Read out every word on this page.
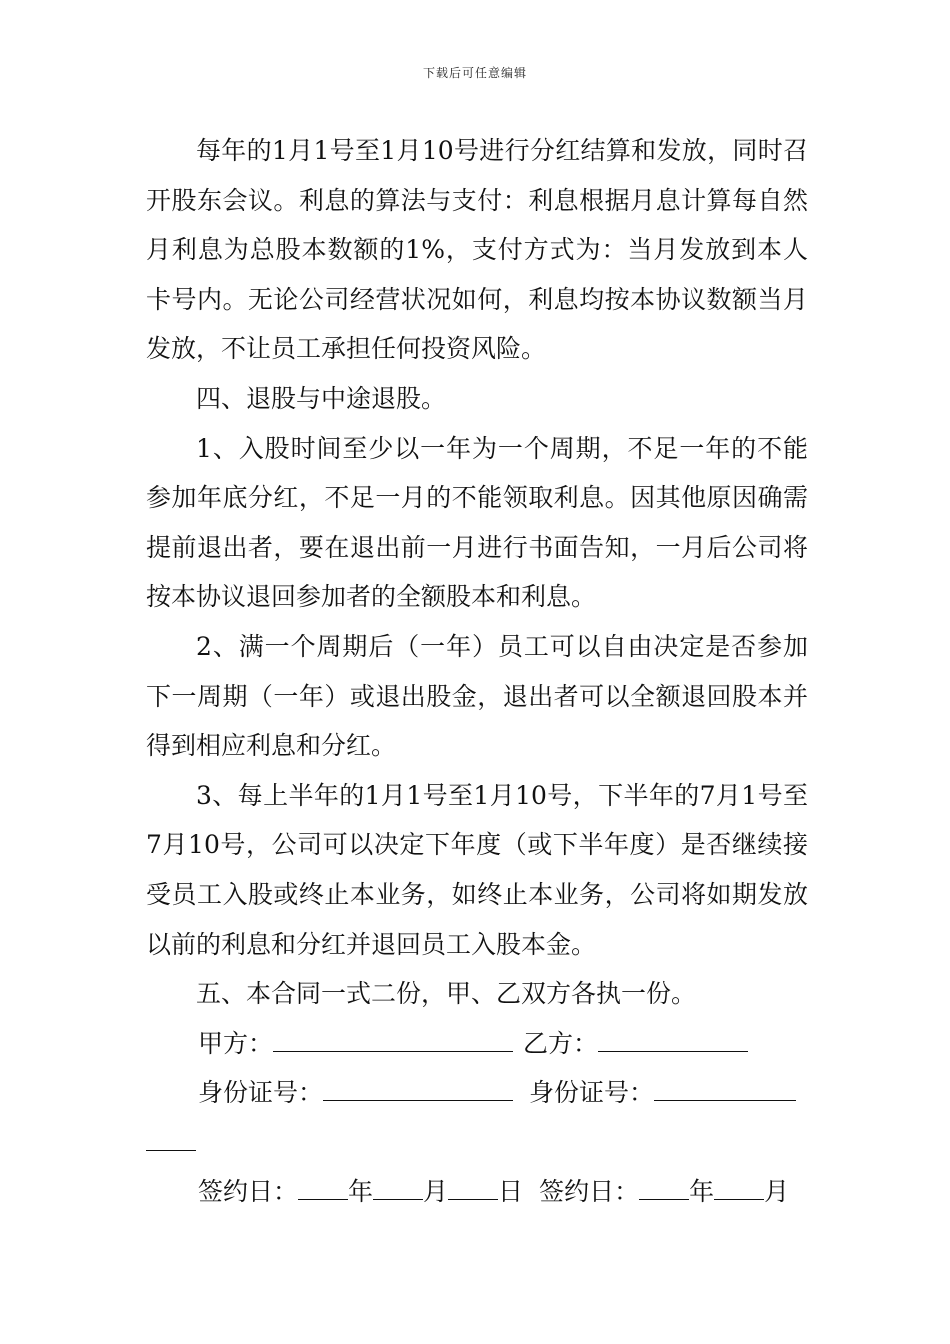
下载后可任意编辑

每年的1月1号至1月10号进行分红结算和发放，同时召开股东会议。利息的算法与支付：利息根据月息计算每自然月利息为总股本数额的1%，支付方式为：当月发放到本人卡号内。无论公司经营状况如何，利息均按本协议数额当月发放，不让员工承担任何投资风险。

四、退股与中途退股。

1、入股时间至少以一年为一个周期，不足一年的不能参加年底分红，不足一月的不能领取利息。因其他原因确需提前退出者，要在退出前一月进行书面告知，一月后公司将按本协议退回参加者的全额股本和利息。

2、满一个周期后（一年）员工可以自由决定是否参加下一周期（一年）或退出股金，退出者可以全额退回股本并得到相应利息和分红。

3、每上半年的1月1号至1月10号，下半年的7月1号至7月10号，公司可以决定下年度（或下半年度）是否继续接受员工入股或终止本业务，如终止本业务，公司将如期发放以前的利息和分红并退回员工入股本金。

五、本合同一式二份，甲、乙双方各执一份。

甲方：	乙方：
身份证号：	身份证号：
签约日： 年 月 日 签约日： 年 月
